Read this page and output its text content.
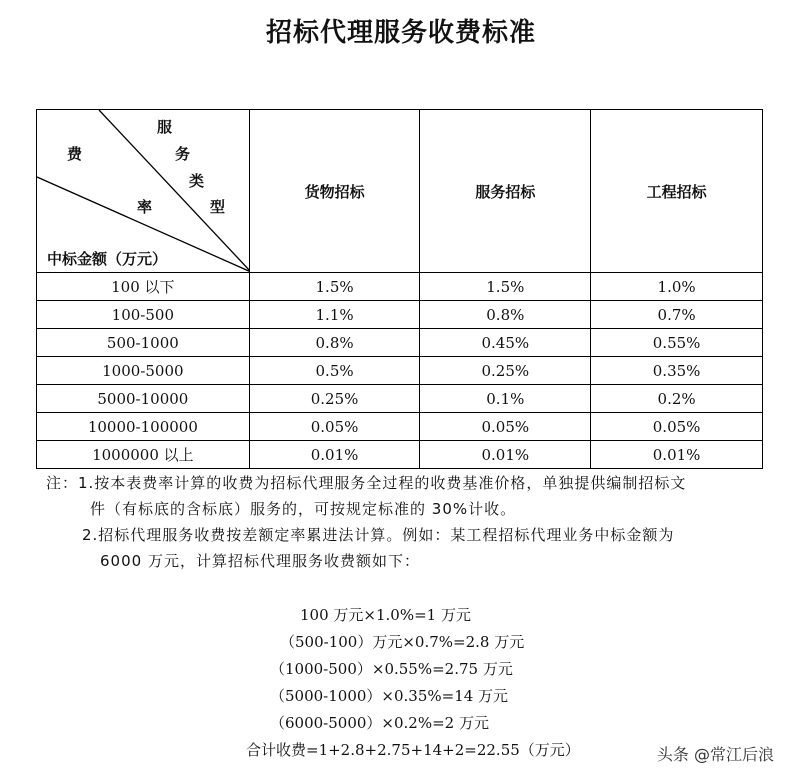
招标代理服务收费标准
服
务
类
型
费
率
中标金额（万元）
	货物招标	服务招标	工程招标
100 以下	1.5%	1.5%	1.0%
100-500	1.1%	0.8%	0.7%
500-1000	0.8%	0.45%	0.55%
1000-5000	0.5%	0.25%	0.35%
5000-10000	0.25%	0.1%	0.2%
10000-100000	0.05%	0.05%	0.05%
1000000 以上	0.01%	0.01%	0.01%

注：1.按本表费率计算的收费为招标代理服务全过程的收费基准价格，单独提供编制招标文

件（有标底的含标底）服务的，可按规定标准的 30%计收。

2.招标代理服务收费按差额定率累进法计算。例如：某工程招标代理业务中标金额为

6000 万元，计算招标代理服务收费额如下：

100 万元×1.0%=1 万元
（500-100）万元×0.7%=2.8 万元
（1000-500）×0.55%=2.75 万元
（5000-1000）×0.35%=14 万元
（6000-5000）×0.2%=2 万元
合计收费=1+2.8+2.75+14+2=22.55（万元）	头条 @常江后浪
